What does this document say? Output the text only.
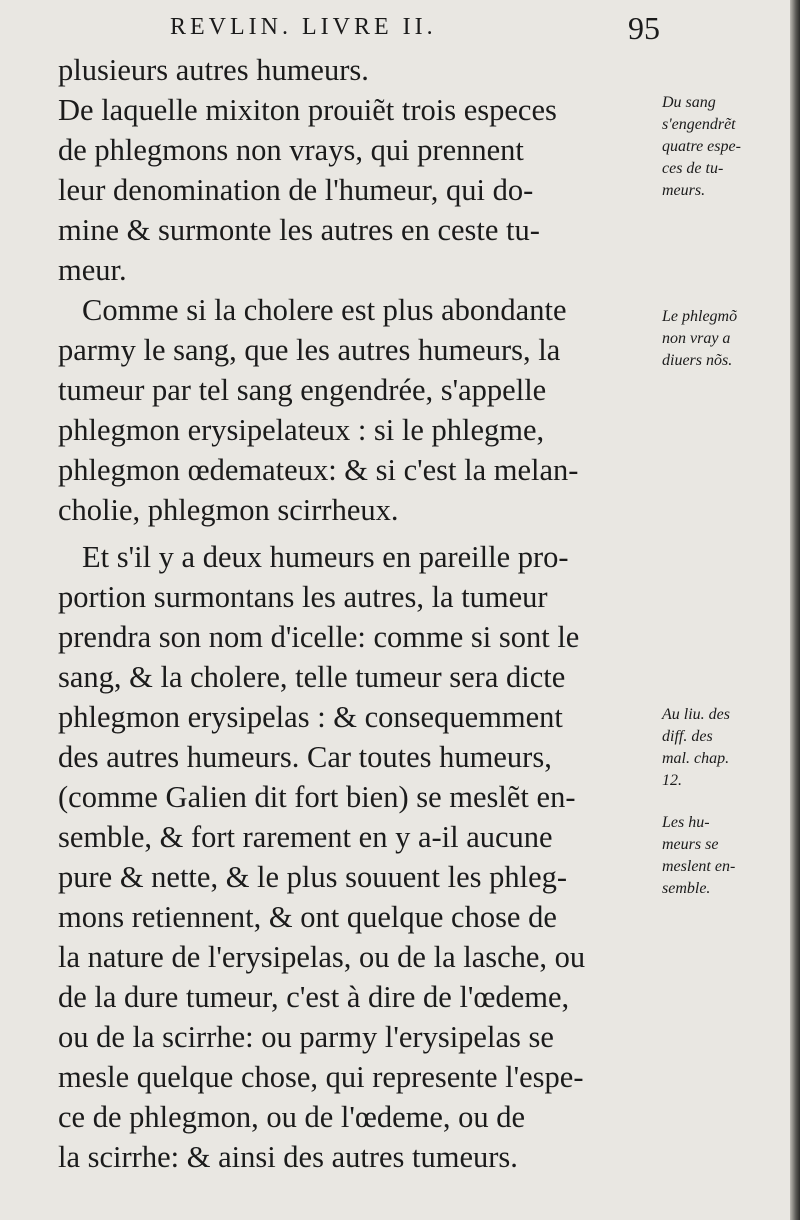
REVLIN. LIVRE II.	95
plusieurs autres humeurs.
De laquelle mixiton prouiẽt trois especes
de phlegmons non vrays, qui prennent
leur denomination de l'humeur, qui do-
mine & surmonte les autres en ceste tu-
meur.
Comme si la cholere est plus abondante
parmy le sang, que les autres humeurs, la
tumeur par tel sang engendrée, s'appelle
phlegmon erysipelateux : si le phlegme,
phlegmon œdemateux: & si c'est la melan-
cholie, phlegmon scirrheux.
Et s'il y a deux humeurs en pareille pro-
portion surmontans les autres, la tumeur
prendra son nom d'icelle: comme si sont le
sang, & la cholere, telle tumeur sera dicte
phlegmon erysipelas : & consequemment
des autres humeurs. Car toutes humeurs,
(comme Galien dit fort bien) se meslẽt en-
semble, & fort rarement en y a-il aucune
pure & nette, & le plus souuent les phleg-
mons retiennent, & ont quelque chose de
la nature de l'erysipelas, ou de la lasche, ou
de la dure tumeur, c'est à dire de l'œdeme,
ou de la scirrhe: ou parmy l'erysipelas se
mesle quelque chose, qui represente l'espe-
ce de phlegmon, ou de l'œdeme, ou de
la scirrhe: & ainsi des autres tumeurs.
Du sang
s'engendrẽt
quatre espe-
ces de tu-
meurs.
Le phlegmõ
non vray a
diuers nõs.
Au liu. des
diff. des
mal. chap.
12.
Les hu-
meurs se
meslent en-
semble.
